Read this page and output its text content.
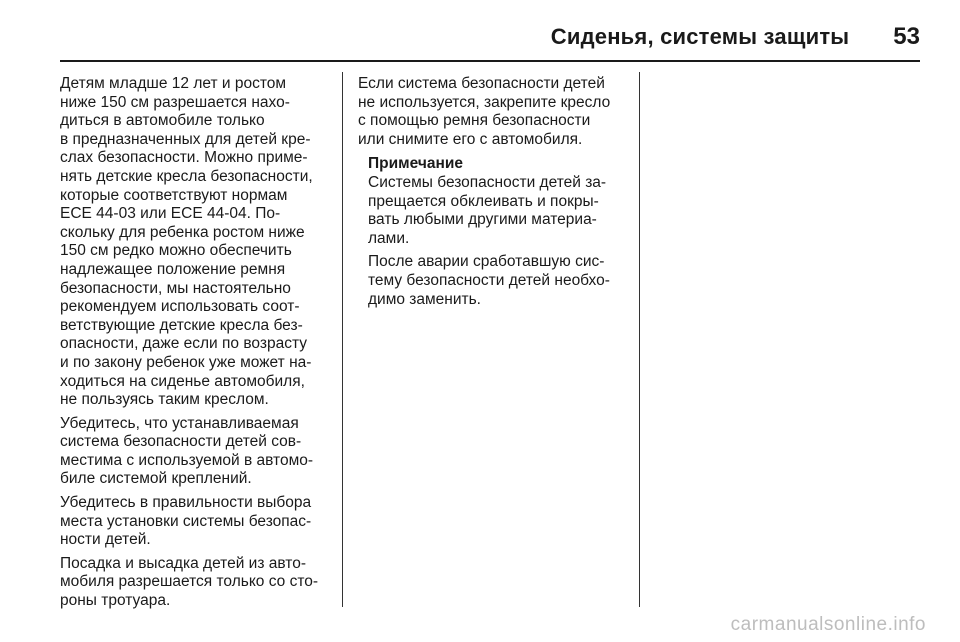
Сиденья, системы защиты 53

Детям младше 12 лет и ростом
ниже 150 см разрешается нахо-
диться в автомобиле только
в предназначенных для детей кре-
слах безопасности. Можно приме-
нять детские кресла безопасности,
которые соответствуют нормам
ECE 44-03 или ECE 44-04. По-
скольку для ребенка ростом ниже
150 см редко можно обеспечить
надлежащее положение ремня
безопасности, мы настоятельно
рекомендуем использовать соот-
ветствующие детские кресла без-
опасности, даже если по возрасту
и по закону ребенок уже может на-
ходиться на сиденье автомобиля,
не пользуясь таким креслом.

Убедитесь, что устанавливаемая
система безопасности детей сов-
местима с используемой в автомо-
биле системой креплений.

Убедитесь в правильности выбора
места установки системы безопас-
ности детей.

Посадка и высадка детей из авто-
мобиля разрешается только со сто-
роны тротуара.

Если система безопасности детей
не используется, закрепите кресло
с помощью ремня безопасности
или снимите его с автомобиля.

Примечание

Системы безопасности детей за-
прещается обклеивать и покры-
вать любыми другими материа-
лами.

После аварии сработавшую сис-
тему безопасности детей необхо-
димо заменить.

carmanualsonline.info
